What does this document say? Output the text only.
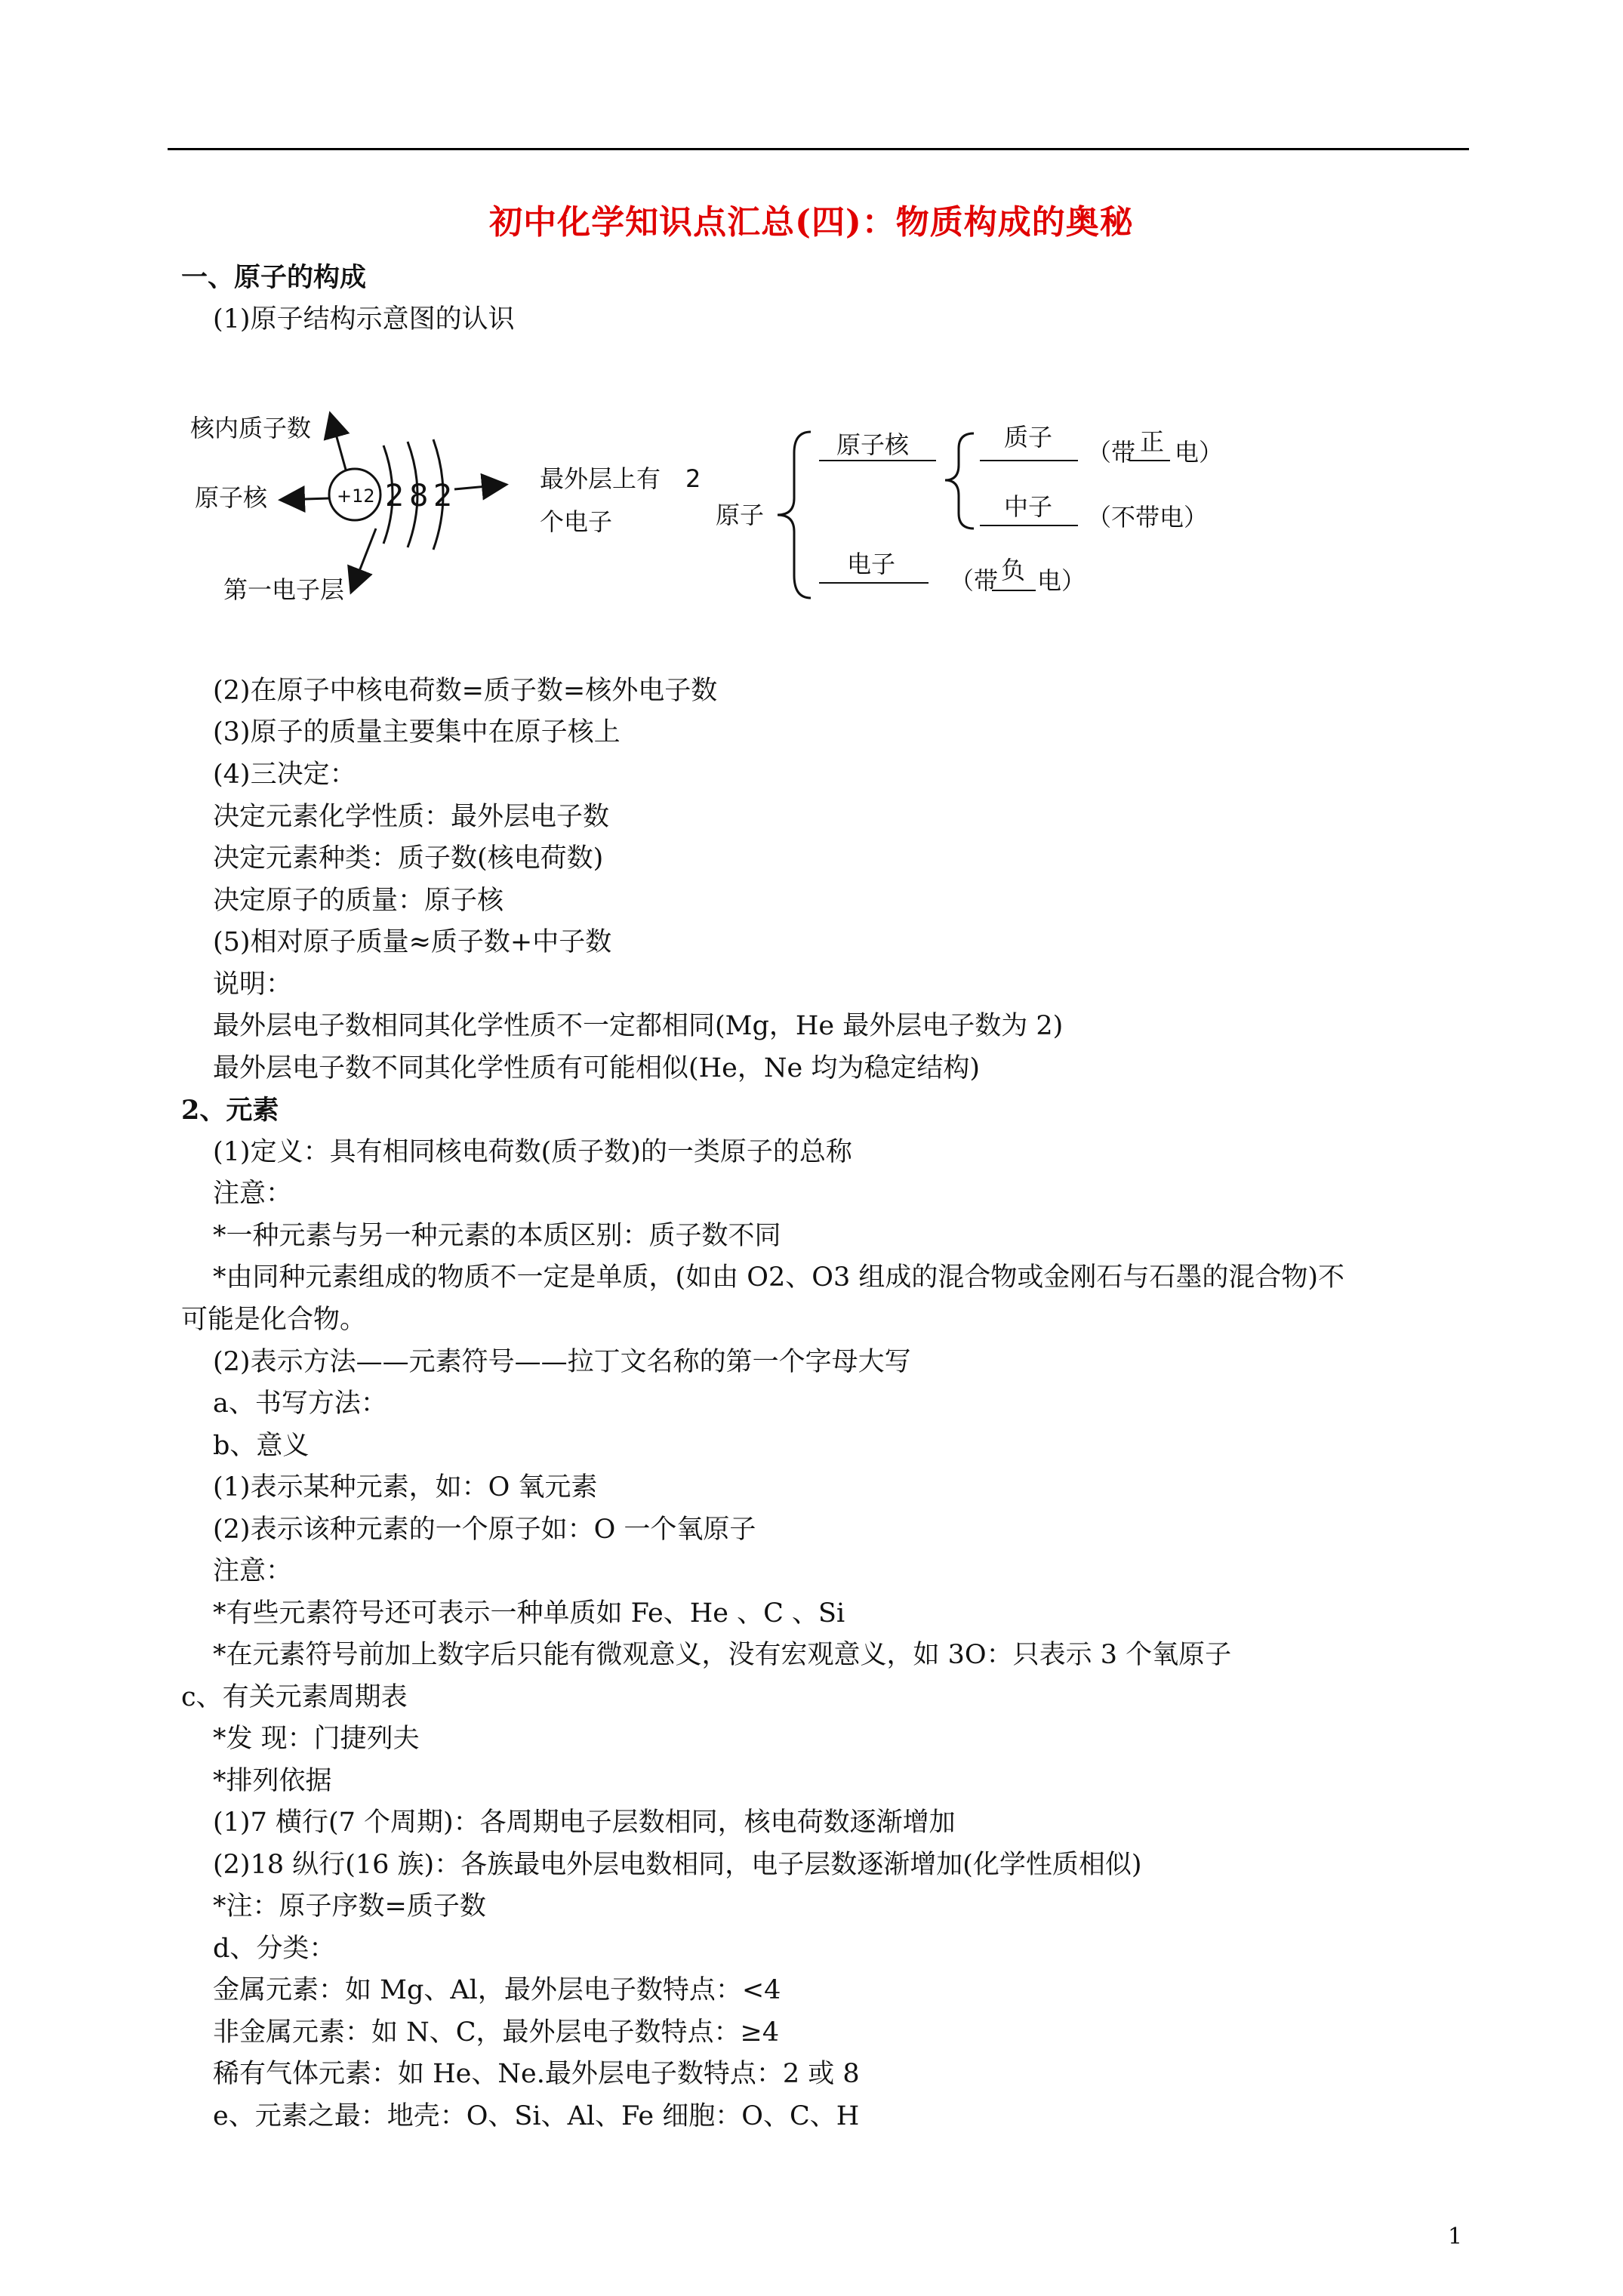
初中化学知识点汇总(四)：物质构成的奥秘
一、原子的构成
(1)原子结构示意图的认识
核内质子数
原子核
第一电子层
+12 2 8 2	最外层上有 2
个电子	原子
原子核
电子
质子
中子
（带 正 电）
（不带电）
（带 负 电）
(2)在原子中核电荷数=质子数=核外电子数
(3)原子的质量主要集中在原子核上
(4)三决定：
决定元素化学性质：最外层电子数
决定元素种类：质子数(核电荷数)
决定原子的质量：原子核
(5)相对原子质量≈质子数+中子数
说明：
最外层电子数相同其化学性质不一定都相同(Mg，He 最外层电子数为 2)
最外层电子数不同其化学性质有可能相似(He，Ne 均为稳定结构)
2、元素
(1)定义：具有相同核电荷数(质子数)的一类原子的总称
注意：
*一种元素与另一种元素的本质区别：质子数不同
*由同种元素组成的物质不一定是单质，(如由 O2、O3 组成的混合物或金刚石与石墨的混合物)不
可能是化合物。
(2)表示方法——元素符号——拉丁文名称的第一个字母大写
a、书写方法：
b、意义
(1)表示某种元素，如：O 氧元素
(2)表示该种元素的一个原子如：O 一个氧原子
注意：
*有些元素符号还可表示一种单质如 Fe、He 、C 、Si
*在元素符号前加上数字后只能有微观意义，没有宏观意义，如 3O：只表示 3 个氧原子
c、有关元素周期表
*发 现：门捷列夫
*排列依据
(1)7 横行(7 个周期)：各周期电子层数相同，核电荷数逐渐增加
(2)18 纵行(16 族)：各族最电外层电数相同，电子层数逐渐增加(化学性质相似)
*注：原子序数=质子数
d、分类：
金属元素：如 Mg、Al，最外层电子数特点：<4
非金属元素：如 N、C，最外层电子数特点：≥4
稀有气体元素：如 He、Ne.最外层电子数特点：2 或 8
e、元素之最：地壳：O、Si、Al、Fe 细胞：O、C、H
1
